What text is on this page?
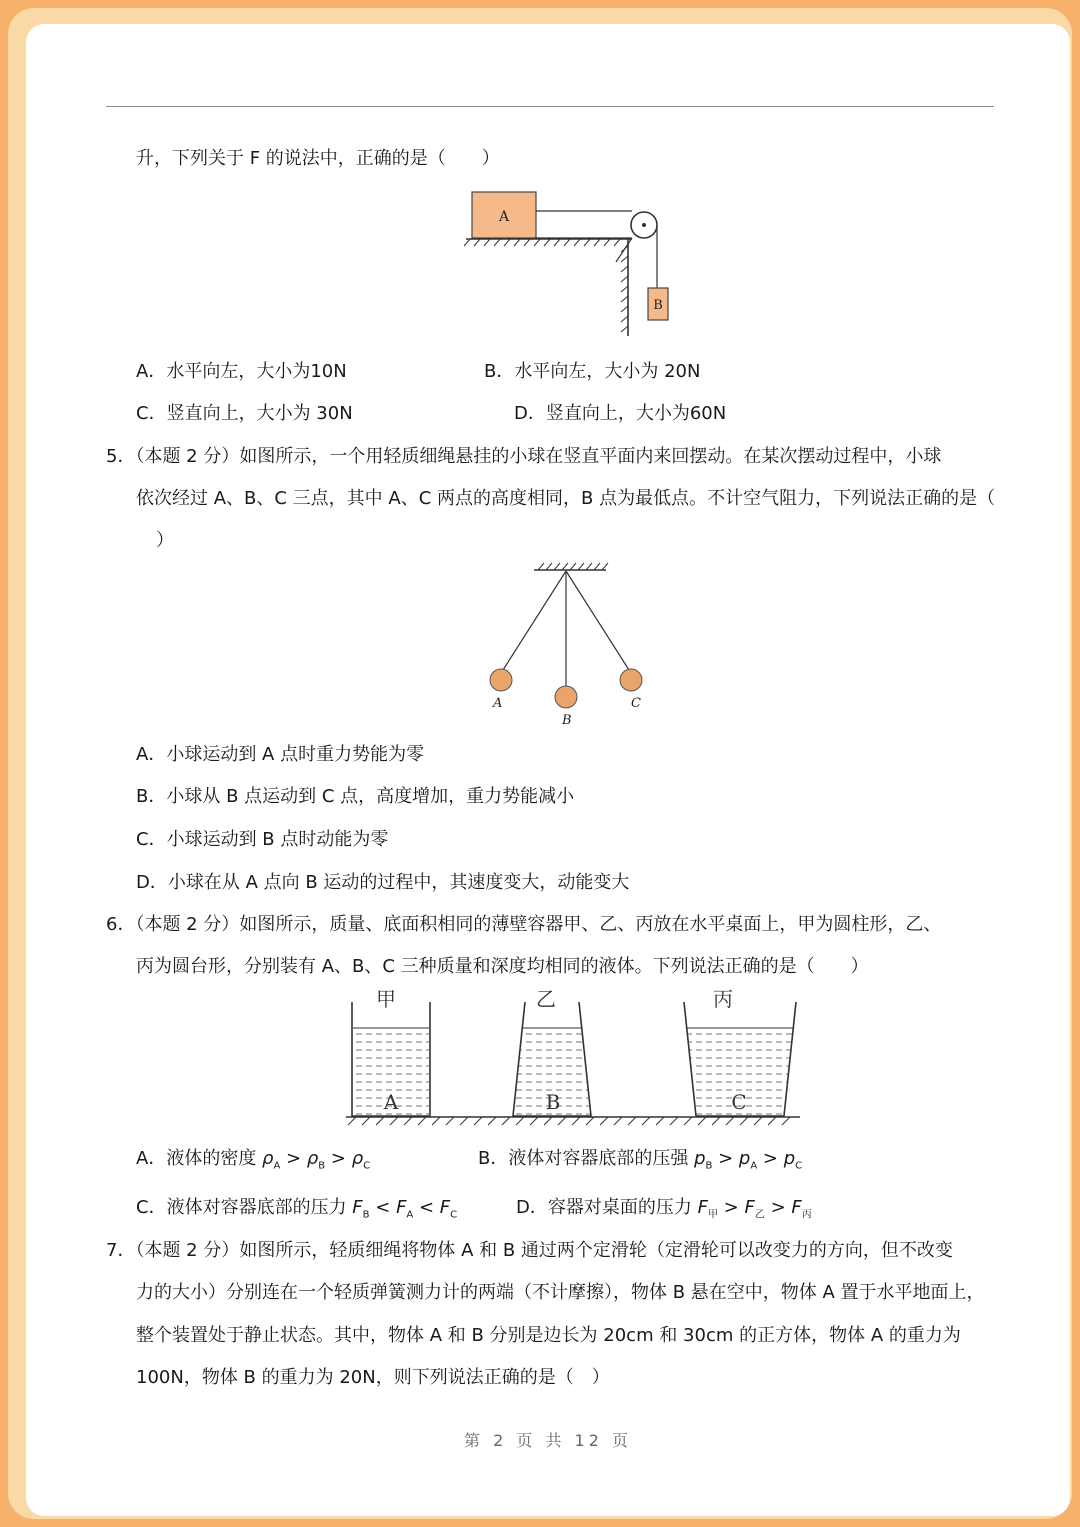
升，下列关于 F 的说法中，正确的是（　　）
A
B
A．水平向左，大小为10N	B．水平向左，大小为 20N
C．竖直向上，大小为 30N	D．竖直向上，大小为60N
5．（本题 2 分）如图所示，一个用轻质细绳悬挂的小球在竖直平面内来回摆动。在某次摆动过程中，小球
依次经过 A、B、C 三点，其中 A、C 两点的高度相同，B 点为最低点。不计空气阻力，下列说法正确的是（
）
A
B
C
A．小球运动到 A 点时重力势能为零
B．小球从 B 点运动到 C 点，高度增加，重力势能减小
C．小球运动到 B 点时动能为零
D．小球在从 A 点向 B 运动的过程中，其速度变大，动能变大
6．（本题 2 分）如图所示，质量、底面积相同的薄壁容器甲、乙、丙放在水平桌面上，甲为圆柱形，乙、
丙为圆台形，分别装有 A、B、C 三种质量和深度均相同的液体。下列说法正确的是（　　）
甲	乙	丙
A	B	C
A．液体的密度 $\rho_A > \rho_B > \rho_C$	B．液体对容器底部的压强 $p_B > p_A > p_C$
C．液体对容器底部的压力 $F_B < F_A < F_C$	D．容器对桌面的压力 $F_甲 > F_乙 > F_丙$
7．（本题 2 分）如图所示，轻质细绳将物体 A 和 B 通过两个定滑轮（定滑轮可以改变力的方向，但不改变
力的大小）分别连在一个轻质弹簧测力计的两端（不计摩擦），物体 B 悬在空中，物体 A 置于水平地面上，
整个装置处于静止状态。其中，物体 A 和 B 分别是边长为 20cm 和 30cm 的正方体，物体 A 的重力为
100N，物体 B 的重力为 20N，则下列说法正确的是（　）
第 2 页 共 12 页
